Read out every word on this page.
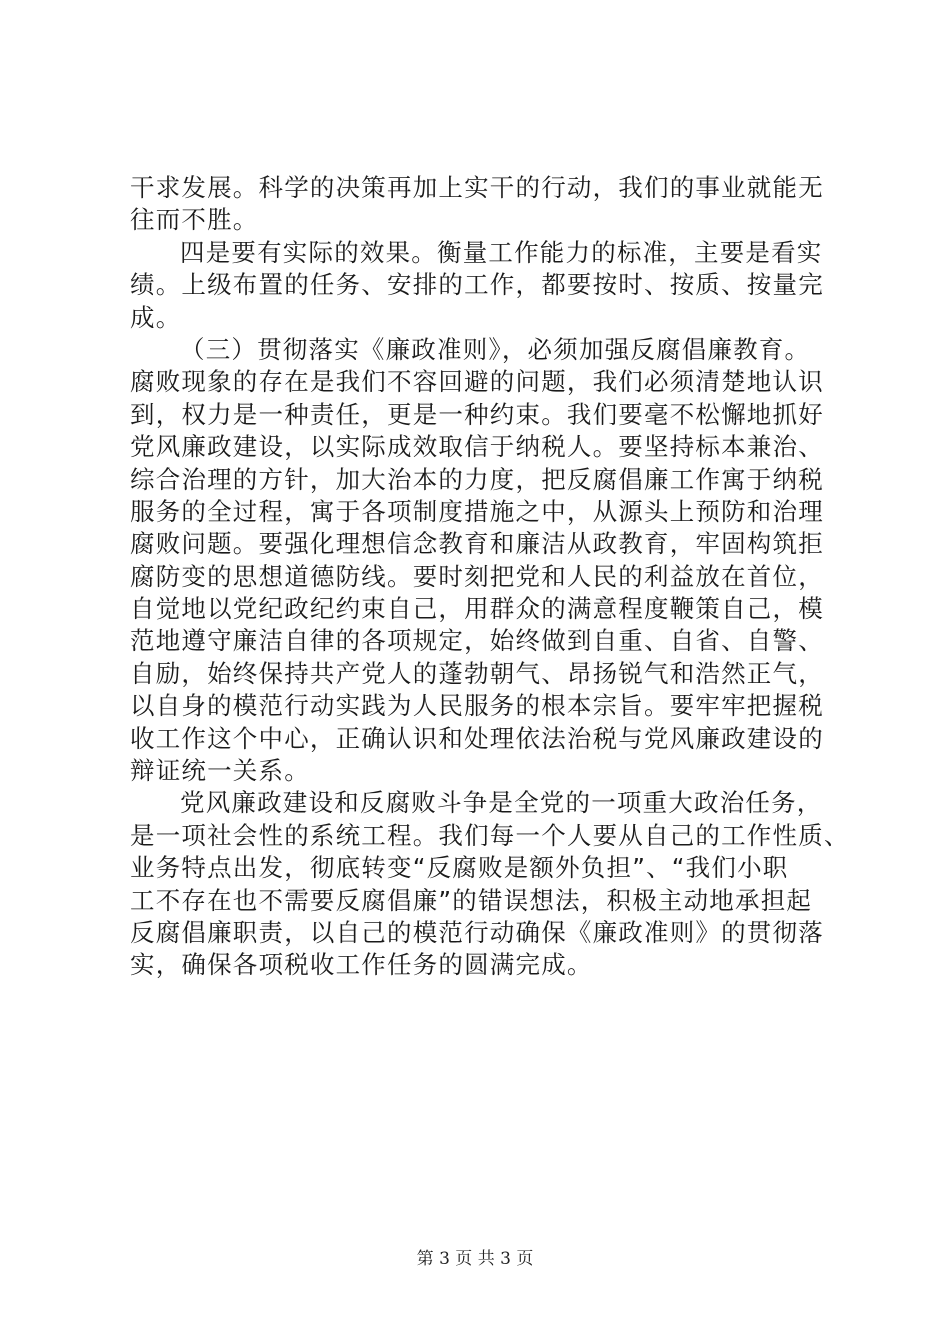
干求发展。科学的决策再加上实干的行动，我们的事业就能无
往而不胜。
四是要有实际的效果。衡量工作能力的标准，主要是看实
绩。上级布置的任务、安排的工作，都要按时、按质、按量完
成。
（三）贯彻落实《廉政准则》，必须加强反腐倡廉教育。
腐败现象的存在是我们不容回避的问题，我们必须清楚地认识
到，权力是一种责任，更是一种约束。我们要毫不松懈地抓好
党风廉政建设，以实际成效取信于纳税人。要坚持标本兼治、
综合治理的方针，加大治本的力度，把反腐倡廉工作寓于纳税
服务的全过程，寓于各项制度措施之中，从源头上预防和治理
腐败问题。要强化理想信念教育和廉洁从政教育，牢固构筑拒
腐防变的思想道德防线。要时刻把党和人民的利益放在首位，
自觉地以党纪政纪约束自己，用群众的满意程度鞭策自己，模
范地遵守廉洁自律的各项规定，始终做到自重、自省、自警、
自励，始终保持共产党人的蓬勃朝气、昂扬锐气和浩然正气，
以自身的模范行动实践为人民服务的根本宗旨。要牢牢把握税
收工作这个中心，正确认识和处理依法治税与党风廉政建设的
辩证统一关系。
党风廉政建设和反腐败斗争是全党的一项重大政治任务，
是一项社会性的系统工程。我们每一个人要从自己的工作性质、
业务特点出发，彻底转变“反腐败是额外负担”、“我们小职
工不存在也不需要反腐倡廉”的错误想法，积极主动地承担起
反腐倡廉职责，以自己的模范行动确保《廉政准则》的贯彻落
实，确保各项税收工作任务的圆满完成。
第 3 页 共 3 页
